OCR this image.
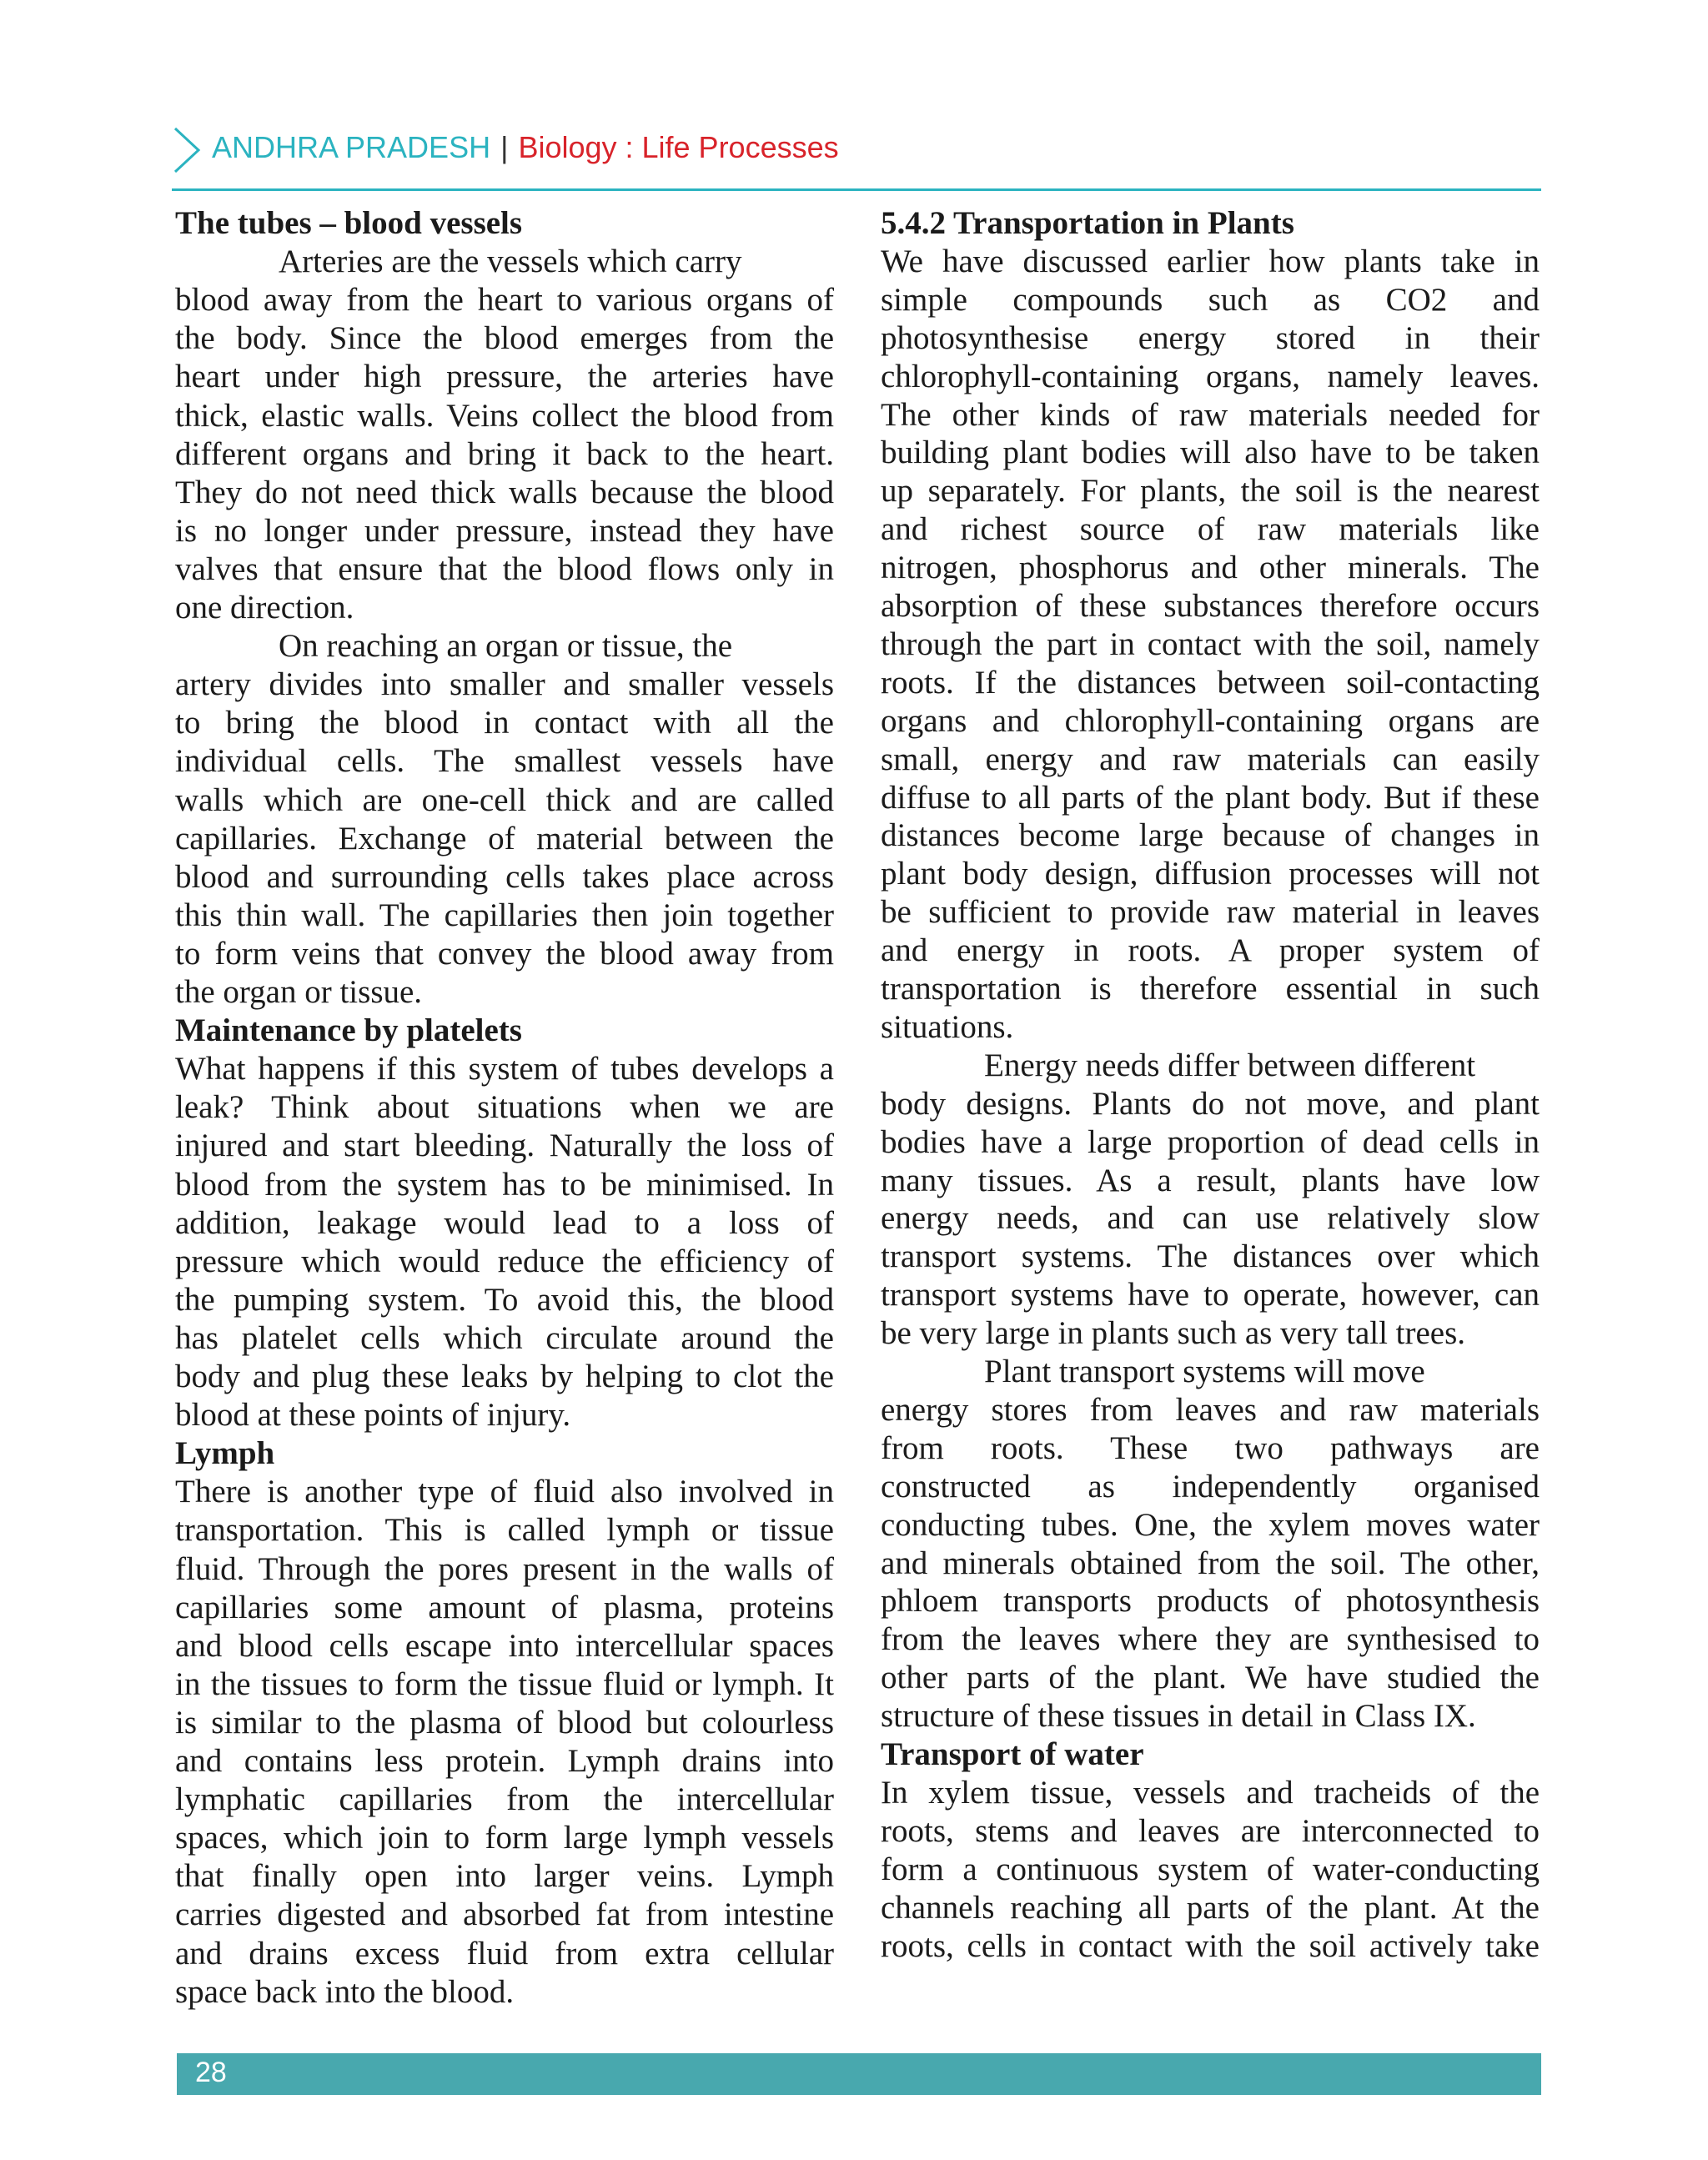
ANDHRA PRADESH | Biology : Life Processes
The tubes – blood vessels
Arteries are the vessels which carry
blood away from the heart to various organs of
the body. Since the blood emerges from the
heart under high pressure, the arteries have
thick, elastic walls. Veins collect the blood from
different organs and bring it back to the heart.
They do not need thick walls because the blood
is no longer under pressure, instead they have
valves that ensure that the blood flows only in
one direction.
On reaching an organ or tissue, the
artery divides into smaller and smaller vessels
to bring the blood in contact with all the
individual cells. The smallest vessels have
walls which are one-cell thick and are called
capillaries. Exchange of material between the
blood and surrounding cells takes place across
this thin wall. The capillaries then join together
to form veins that convey the blood away from
the organ or tissue.
Maintenance by platelets
What happens if this system of tubes develops a
leak? Think about situations when we are
injured and start bleeding. Naturally the loss of
blood from the system has to be minimised. In
addition, leakage would lead to a loss of
pressure which would reduce the efficiency of
the pumping system. To avoid this, the blood
has platelet cells which circulate around the
body and plug these leaks by helping to clot the
blood at these points of injury.
Lymph
There is another type of fluid also involved in
transportation. This is called lymph or tissue
fluid. Through the pores present in the walls of
capillaries some amount of plasma, proteins
and blood cells escape into intercellular spaces
in the tissues to form the tissue fluid or lymph. It
is similar to the plasma of blood but colourless
and contains less protein. Lymph drains into
lymphatic capillaries from the intercellular
spaces, which join to form large lymph vessels
that finally open into larger veins. Lymph
carries digested and absorbed fat from intestine
and drains excess fluid from extra cellular
space back into the blood.
5.4.2 Transportation in Plants
We have discussed earlier how plants take in
simple compounds such as CO2 and
photosynthesise energy stored in their
chlorophyll-containing organs, namely leaves.
The other kinds of raw materials needed for
building plant bodies will also have to be taken
up separately. For plants, the soil is the nearest
and richest source of raw materials like
nitrogen, phosphorus and other minerals. The
absorption of these substances therefore occurs
through the part in contact with the soil, namely
roots. If the distances between soil-contacting
organs and chlorophyll-containing organs are
small, energy and raw materials can easily
diffuse to all parts of the plant body. But if these
distances become large because of changes in
plant body design, diffusion processes will not
be sufficient to provide raw material in leaves
and energy in roots. A proper system of
transportation is therefore essential in such
situations.
Energy needs differ between different
body designs. Plants do not move, and plant
bodies have a large proportion of dead cells in
many tissues. As a result, plants have low
energy needs, and can use relatively slow
transport systems. The distances over which
transport systems have to operate, however, can
be very large in plants such as very tall trees.
Plant transport systems will move
energy stores from leaves and raw materials
from roots. These two pathways are
constructed as independently organised
conducting tubes. One, the xylem moves water
and minerals obtained from the soil. The other,
phloem transports products of photosynthesis
from the leaves where they are synthesised to
other parts of the plant. We have studied the
structure of these tissues in detail in Class IX.
Transport of water
In xylem tissue, vessels and tracheids of the
roots, stems and leaves are interconnected to
form a continuous system of water-conducting
channels reaching all parts of the plant. At the
roots, cells in contact with the soil actively take
28
